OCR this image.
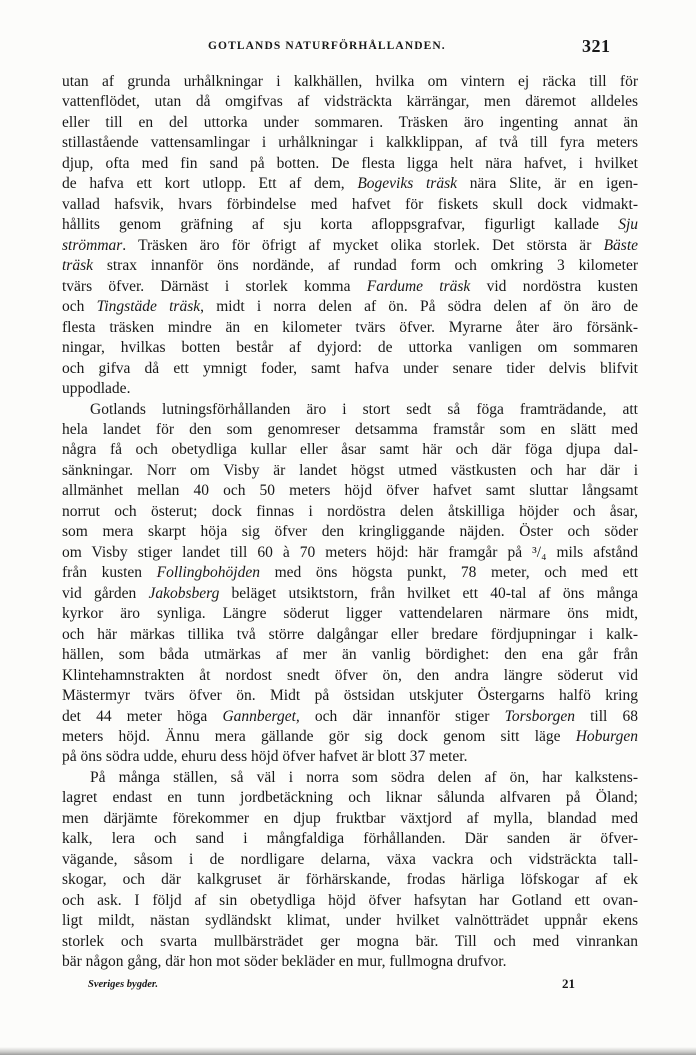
GOTLANDS NATURFÖRHÅLLANDEN.	321
utan af grunda urhålkningar i kalkhällen, hvilka om vintern ej räcka till för
vattenflödet, utan då omgifvas af vidsträckta kärrängar, men däremot alldeles
eller till en del uttorka under sommaren. Träsken äro ingenting annat än
stillastående vattensamlingar i urhålkningar i kalkklippan, af två till fyra meters
djup, ofta med fin sand på botten. De flesta ligga helt nära hafvet, i hvilket
de hafva ett kort utlopp. Ett af dem, Bogeviks träsk nära Slite, är en igen-
vallad hafsvik, hvars förbindelse med hafvet för fiskets skull dock vidmakt-
hållits genom gräfning af sju korta afloppsgrafvar, figurligt kallade Sju
strömmar. Träsken äro för öfrigt af mycket olika storlek. Det största är Bäste
träsk strax innanför öns nordände, af rundad form och omkring 3 kilometer
tvärs öfver. Därnäst i storlek komma Fardume träsk vid nordöstra kusten
och Tingstäde träsk, midt i norra delen af ön. På södra delen af ön äro de
flesta träsken mindre än en kilometer tvärs öfver. Myrarne åter äro försänk-
ningar, hvilkas botten består af dyjord: de uttorka vanligen om sommaren
och gifva då ett ymnigt foder, samt hafva under senare tider delvis blifvit
uppodlade.
Gotlands lutningsförhållanden äro i stort sedt så föga framträdande, att
hela landet för den som genomreser detsamma framstår som en slätt med
några få och obetydliga kullar eller åsar samt här och där föga djupa dal-
sänkningar. Norr om Visby är landet högst utmed västkusten och har där i
allmänhet mellan 40 och 50 meters höjd öfver hafvet samt sluttar långsamt
norrut och österut; dock finnas i nordöstra delen åtskilliga höjder och åsar,
som mera skarpt höja sig öfver den kringliggande näjden. Öster och söder
om Visby stiger landet till 60 à 70 meters höjd: här framgår på ³/₄ mils afstånd
från kusten Follingbohöjden med öns högsta punkt, 78 meter, och med ett
vid gården Jakobsberg beläget utsiktstorn, från hvilket ett 40-tal af öns många
kyrkor äro synliga. Längre söderut ligger vattendelaren närmare öns midt,
och här märkas tillika två större dalgångar eller bredare fördjupningar i kalk-
hällen, som båda utmärkas af mer än vanlig bördighet: den ena går från
Klintehamnstrakten åt nordost snedt öfver ön, den andra längre söderut vid
Mästermyr tvärs öfver ön. Midt på östsidan utskjuter Östergarns halfö kring
det 44 meter höga Gannberget, och där innanför stiger Torsborgen till 68
meters höjd. Ännu mera gällande gör sig dock genom sitt läge Hoburgen
på öns södra udde, ehuru dess höjd öfver hafvet är blott 37 meter.
På många ställen, så väl i norra som södra delen af ön, har kalkstens-
lagret endast en tunn jordbetäckning och liknar sålunda alfvaren på Öland;
men därjämte förekommer en djup fruktbar växtjord af mylla, blandad med
kalk, lera och sand i mångfaldiga förhållanden. Där sanden är öfver-
vägande, såsom i de nordligare delarna, växa vackra och vidsträckta tall-
skogar, och där kalkgruset är förhärskande, frodas härliga löfskogar af ek
och ask. I följd af sin obetydliga höjd öfver hafsytan har Gotland ett ovan-
ligt mildt, nästan sydländskt klimat, under hvilket valnötträdet uppnår ekens
storlek och svarta mullbärsträdet ger mogna bär. Till och med vinrankan
bär någon gång, där hon mot söder bekläder en mur, fullmogna drufvor.
Sveriges bygder.	21
